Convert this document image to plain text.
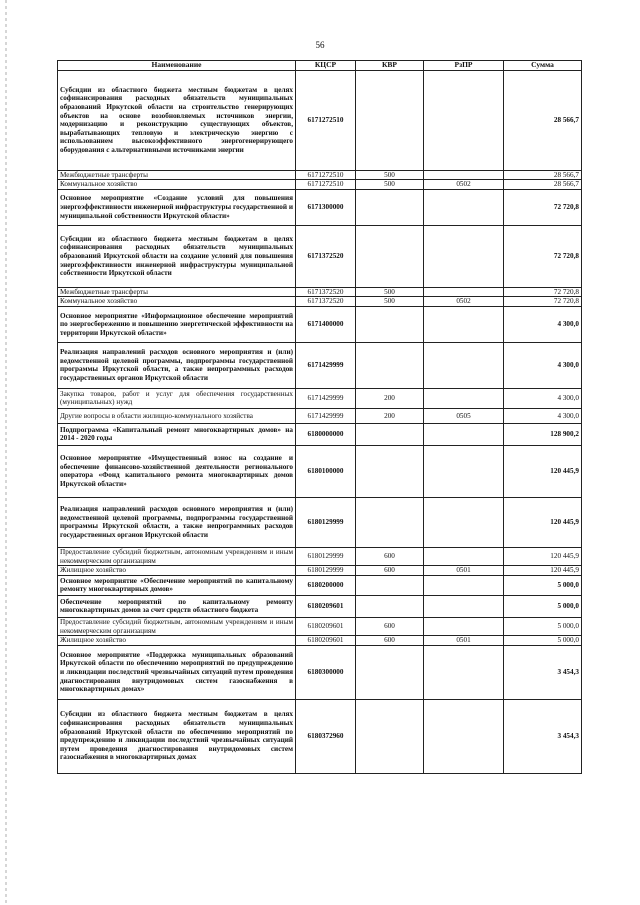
56
Наименование	КЦСР	КВР	РзПР	Сумма
Субсидии из областного бюджета местным бюджетам в целях софинансирования расходных обязательств муниципальных образований Иркутской области на строительство генерирующих объектов на основе возобновляемых источников энергии, модернизацию и реконструкцию существующих объектов, вырабатывающих тепловую и электрическую энергию с использованием высокоэффективного энергогенерирующего оборудования с альтернативными источниками энергии	6171272510			28 566,7
Межбюджетные трансферты	6171272510	500		28 566,7
Коммунальное хозяйство	6171272510	500	0502	28 566,7
Основное мероприятие «Создание условий для повышения энергоэффективности инженерной инфраструктуры государственной и муниципальной собственности Иркутской области»	6171300000			72 720,8
Субсидии из областного бюджета местным бюджетам в целях софинансирования расходных обязательств муниципальных образований Иркутской области на создание условий для повышения энергоэффективности инженерной инфраструктуры муниципальной собственности Иркутской области	6171372520			72 720,8
Межбюджетные трансферты	6171372520	500		72 720,8
Коммунальное хозяйство	6171372520	500	0502	72 720,8
Основное мероприятие «Информационное обеспечение мероприятий по энергосбережению и повышению энергетической эффективности на территории Иркутской области»	6171400000			4 300,0
Реализация направлений расходов основного мероприятия и (или) ведомственной целевой программы, подпрограммы государственной программы Иркутской области, а также непрограммных расходов государственных органов Иркутской области	6171429999			4 300,0
Закупка товаров, работ и услуг для обеспечения государственных (муниципальных) нужд	6171429999	200		4 300,0
Другие вопросы в области жилищно-коммунального хозяйства	6171429999	200	0505	4 300,0
Подпрограмма «Капитальный ремонт многоквартирных домов» на 2014 - 2020 годы	6180000000			128 900,2
Основное мероприятие «Имущественный взнос на создание и обеспечение финансово-хозяйственной деятельности регионального оператора «Фонд капитального ремонта многоквартирных домов Иркутской области»	6180100000			120 445,9
Реализация направлений расходов основного мероприятия и (или) ведомственной целевой программы, подпрограммы государственной программы Иркутской области, а также непрограммных расходов государственных органов Иркутской области	6180129999			120 445,9
Предоставление субсидий бюджетным, автономным учреждениям и иным некоммерческим организациям	6180129999	600		120 445,9
Жилищное хозяйство	6180129999	600	0501	120 445,9
Основное мероприятие «Обеспечение мероприятий по капитальному ремонту многоквартирных домов»	6180200000			5 000,0
Обеспечение мероприятий по капитальному ремонту многоквартирных домов за счет средств областного бюджета	6180209601			5 000,0
Предоставление субсидий бюджетным, автономным учреждениям и иным некоммерческим организациям	6180209601	600		5 000,0
Жилищное хозяйство	6180209601	600	0501	5 000,0
Основное мероприятие «Поддержка муниципальных образований Иркутской области по обеспечению мероприятий по предупреждению и ликвидации последствий чрезвычайных ситуаций путем проведения диагностирования внутридомовых систем газоснабжения в многоквартирных домах»	6180300000			3 454,3
Субсидии из областного бюджета местным бюджетам в целях софинансирования расходных обязательств муниципальных образований Иркутской области по обеспечению мероприятий по предупреждению и ликвидации последствий чрезвычайных ситуаций путем проведения диагностирования внутридомовых систем газоснабжения в многоквартирных домах	6180372960			3 454,3
